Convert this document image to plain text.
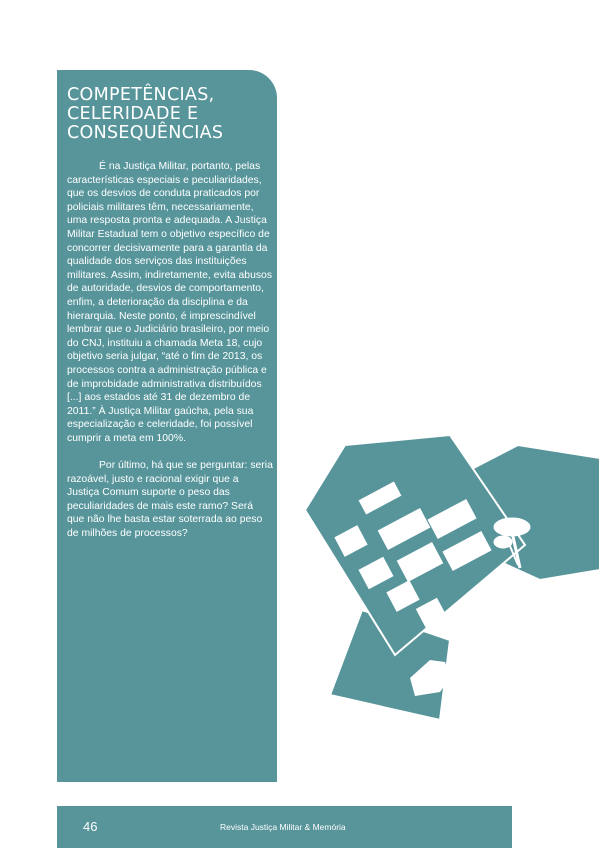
COMPETÊNCIAS,
CELERIDADE E
CONSEQUÊNCIAS

É na Justiça Militar, portanto, pelas características especiais e peculiaridades, que os desvios de conduta praticados por policiais militares têm, necessariamente, uma resposta pronta e adequada. A Justiça Militar Estadual tem o objetivo específico de concorrer decisivamente para a garantia da qualidade dos serviços das instituições militares. Assim, indiretamente, evita abusos de autoridade, desvios de comportamento, enfim, a deterioração da disciplina e da hierarquia. Neste ponto, é imprescindível lembrar que o Judiciário brasileiro, por meio do CNJ, instituiu a chamada Meta 18, cujo objetivo seria julgar, “até o fim de 2013, os processos contra a administração pública e de improbidade administrativa distribuídos [...] aos estados até 31 de dezembro de 2011.” À Justiça Militar gaúcha, pela sua especialização e celeridade, foi possível cumprir a meta em 100%.

Por último, há que se perguntar: seria razoável, justo e racional exigir que a Justiça Comum suporte o peso das peculiaridades de mais este ramo? Será que não lhe basta estar soterrada ao peso de milhões de processos?

46	Revista Justiça Militar & Memória
